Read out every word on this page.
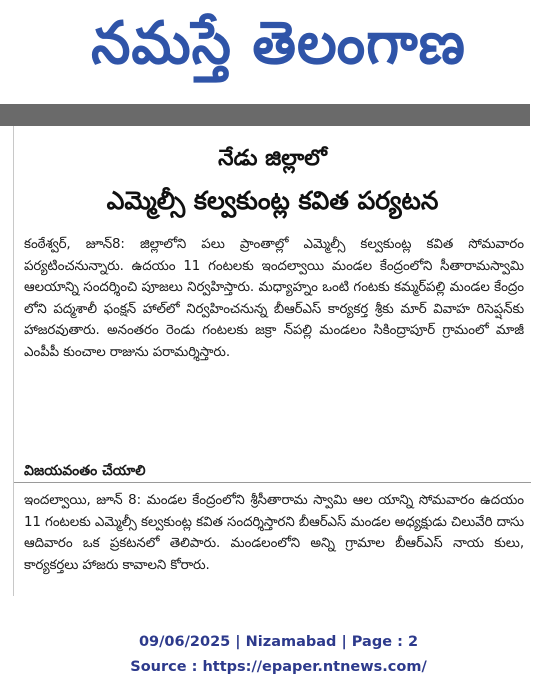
నమస్తే తెలంగాణ
నేడు జిల్లాలో
ఎమ్మెల్సీ కల్వకుంట్ల కవిత పర్యటన
కంఠేశ్వర్, జూన్8: జిల్లాలోని పలు ప్రాంతాల్లో ఎమ్మెల్సీ కల్వకుంట్ల కవిత సోమవారం పర్యటించనున్నారు. ఉదయం 11 గంటలకు ఇందల్వాయి మండల కేంద్రంలోని సీతారామస్వామి ఆలయాన్ని సందర్శించి పూజలు నిర్వహిస్తారు. మధ్యాహ్నం ఒంటి గంటకు కమ్మర్‌పల్లి మండల కేంద్రం లోని పద్మశాలీ ఫంక్షన్ హాల్‌లో నిర్వహించనున్న బీఆర్ఎస్ కార్యకర్త శ్రీకు మార్ వివాహ రిసెప్షన్‌కు హాజరవుతారు. అనంతరం రెండు గంటలకు జక్రా న్‌పల్లి మండలం సికింద్రాపూర్ గ్రామంలో మాజీ ఎంపీపీ కుంచాల రాజును పరామర్శిస్తారు.
విజయవంతం చేయాలి
ఇందల్వాయి, జూన్ 8: మండల కేంద్రంలోని శ్రీసీతారామ స్వామి ఆల యాన్ని సోమవారం ఉదయం 11 గంటలకు ఎమ్మెల్సీ కల్వకుంట్ల కవిత సందర్శిస్తారని బీఆర్ఎస్ మండల అధ్యక్షుడు చిలువేరి దాసు ఆదివారం ఒక ప్రకటనలో తెలిపారు. మండలంలోని అన్ని గ్రామాల బీఆర్ఎస్ నాయ కులు, కార్యకర్తలు హాజరు కావాలని కోరారు.
09/06/2025 | Nizamabad | Page : 2
Source : https://epaper.ntnews.com/
